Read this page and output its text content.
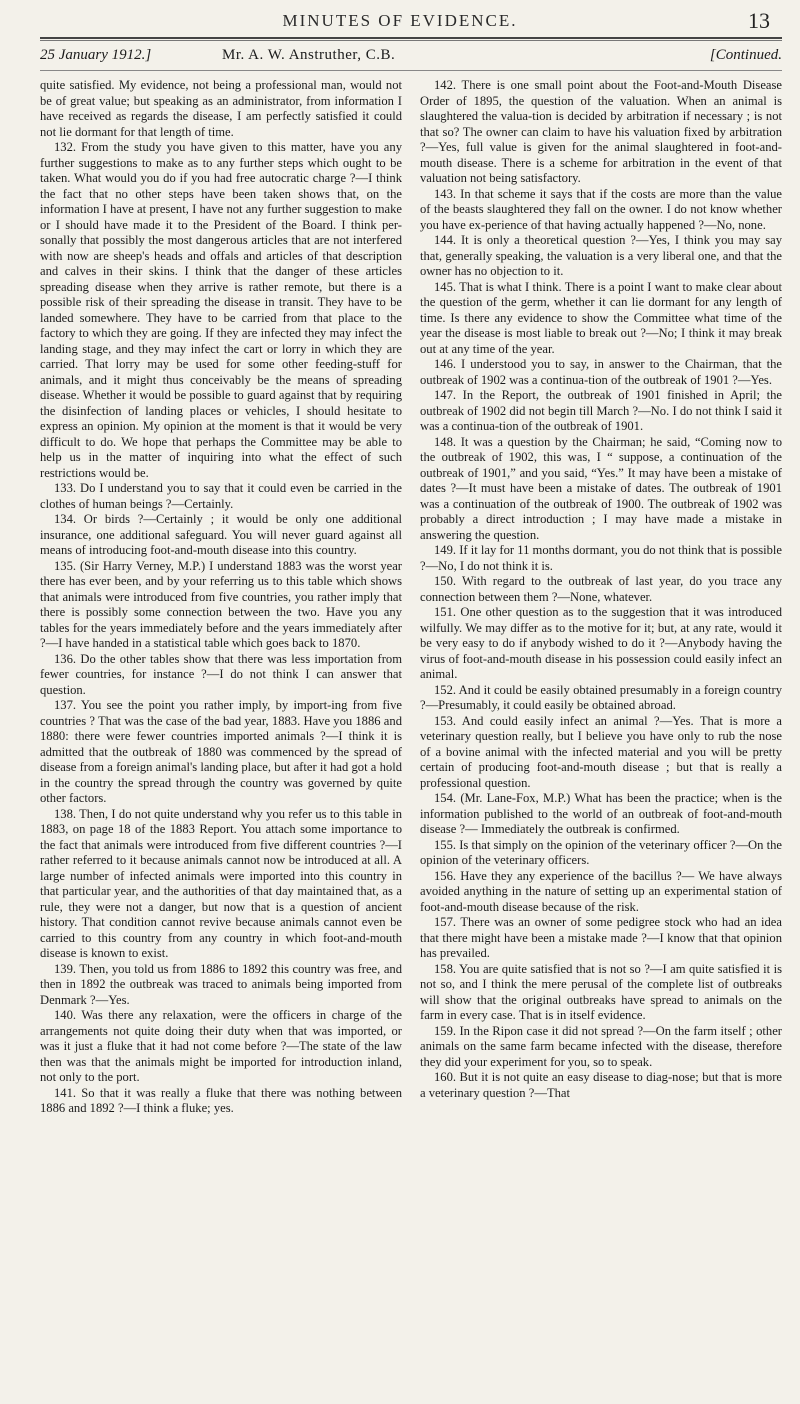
MINUTES OF EVIDENCE.	13
25 January 1912.]	Mr. A. W. Anstruther, C.B.	[Continued.

quite satisfied. My evidence, not being a professional man, would not be of great value; but speaking as an administrator, from information I have received as regards the disease, I am perfectly satisfied it could not lie dormant for that length of time.

132. From the study you have given to this matter, have you any further suggestions to make as to any further steps which ought to be taken. What would you do if you had free autocratic charge ?—I think the fact that no other steps have been taken shows that, on the information I have at present, I have not any further suggestion to make or I should have made it to the President of the Board. I think per-sonally that possibly the most dangerous articles that are not interfered with now are sheep's heads and offals and articles of that description and calves in their skins. I think that the danger of these articles spreading disease when they arrive is rather remote, but there is a possible risk of their spreading the disease in transit. They have to be landed somewhere. They have to be carried from that place to the factory to which they are going. If they are infected they may infect the landing stage, and they may infect the cart or lorry in which they are carried. That lorry may be used for some other feeding-stuff for animals, and it might thus conceivably be the means of spreading disease. Whether it would be possible to guard against that by requiring the disinfection of landing places or vehicles, I should hesitate to express an opinion. My opinion at the moment is that it would be very difficult to do. We hope that perhaps the Committee may be able to help us in the matter of inquiring into what the effect of such restrictions would be.

133. Do I understand you to say that it could even be carried in the clothes of human beings ?—Certainly.

134. Or birds ?—Certainly ; it would be only one additional insurance, one additional safeguard. You will never guard against all means of introducing foot-and-mouth disease into this country.

135. (Sir Harry Verney, M.P.) I understand 1883 was the worst year there has ever been, and by your referring us to this table which shows that animals were introduced from five countries, you rather imply that there is possibly some connection between the two. Have you any tables for the years immediately before and the years immediately after ?—I have handed in a statistical table which goes back to 1870.

136. Do the other tables show that there was less importation from fewer countries, for instance ?—I do not think I can answer that question.

137. You see the point you rather imply, by import-ing from five countries ? That was the case of the bad year, 1883. Have you 1886 and 1880: there were fewer countries imported animals ?—I think it is admitted that the outbreak of 1880 was commenced by the spread of disease from a foreign animal's landing place, but after it had got a hold in the country the spread through the country was governed by quite other factors.

138. Then, I do not quite understand why you refer us to this table in 1883, on page 18 of the 1883 Report. You attach some importance to the fact that animals were introduced from five different countries ?—I rather referred to it because animals cannot now be introduced at all. A large number of infected animals were imported into this country in that particular year, and the authorities of that day maintained that, as a rule, they were not a danger, but now that is a question of ancient history. That condition cannot revive because animals cannot even be carried to this country from any country in which foot-and-mouth disease is known to exist.

139. Then, you told us from 1886 to 1892 this country was free, and then in 1892 the outbreak was traced to animals being imported from Denmark ?—Yes.

140. Was there any relaxation, were the officers in charge of the arrangements not quite doing their duty when that was imported, or was it just a fluke that it had not come before ?—The state of the law then was that the animals might be imported for introduction inland, not only to the port.

141. So that it was really a fluke that there was nothing between 1886 and 1892 ?—I think a fluke; yes.

142. There is one small point about the Foot-and-Mouth Disease Order of 1895, the question of the valuation. When an animal is slaughtered the valua-tion is decided by arbitration if necessary ; is not that so? The owner can claim to have his valuation fixed by arbitration ?—Yes, full value is given for the animal slaughtered in foot-and-mouth disease. There is a scheme for arbitration in the event of that valuation not being satisfactory.

143. In that scheme it says that if the costs are more than the value of the beasts slaughtered they fall on the owner. I do not know whether you have ex-perience of that having actually happened ?—No, none.

144. It is only a theoretical question ?—Yes, I think you may say that, generally speaking, the valuation is a very liberal one, and that the owner has no objection to it.

145. That is what I think. There is a point I want to make clear about the question of the germ, whether it can lie dormant for any length of time. Is there any evidence to show the Committee what time of the year the disease is most liable to break out ?—No; I think it may break out at any time of the year.

146. I understood you to say, in answer to the Chairman, that the outbreak of 1902 was a continua-tion of the outbreak of 1901 ?—Yes.

147. In the Report, the outbreak of 1901 finished in April; the outbreak of 1902 did not begin till March ?—No. I do not think I said it was a continua-tion of the outbreak of 1901.

148. It was a question by the Chairman; he said, “Coming now to the outbreak of 1902, this was, I “ suppose, a continuation of the outbreak of 1901,” and you said, “Yes.” It may have been a mistake of dates ?—It must have been a mistake of dates. The outbreak of 1901 was a continuation of the outbreak of 1900. The outbreak of 1902 was probably a direct introduction ; I may have made a mistake in answering the question.

149. If it lay for 11 months dormant, you do not think that is possible ?—No, I do not think it is.

150. With regard to the outbreak of last year, do you trace any connection between them ?—None, whatever.

151. One other question as to the suggestion that it was introduced wilfully. We may differ as to the motive for it; but, at any rate, would it be very easy to do if anybody wished to do it ?—Anybody having the virus of foot-and-mouth disease in his possession could easily infect an animal.

152. And it could be easily obtained presumably in a foreign country ?—Presumably, it could easily be obtained abroad.

153. And could easily infect an animal ?—Yes. That is more a veterinary question really, but I believe you have only to rub the nose of a bovine animal with the infected material and you will be pretty certain of producing foot-and-mouth disease ; but that is really a professional question.

154. (Mr. Lane-Fox, M.P.) What has been the practice; when is the information published to the world of an outbreak of foot-and-mouth disease ?— Immediately the outbreak is confirmed.

155. Is that simply on the opinion of the veterinary officer ?—On the opinion of the veterinary officers.

156. Have they any experience of the bacillus ?— We have always avoided anything in the nature of setting up an experimental station of foot-and-mouth disease because of the risk.

157. There was an owner of some pedigree stock who had an idea that there might have been a mistake made ?—I know that that opinion has prevailed.

158. You are quite satisfied that is not so ?—I am quite satisfied it is not so, and I think the mere perusal of the complete list of outbreaks will show that the original outbreaks have spread to animals on the farm in every case. That is in itself evidence.

159. In the Ripon case it did not spread ?—On the farm itself ; other animals on the same farm became infected with the disease, therefore they did your experiment for you, so to speak.

160. But it is not quite an easy disease to diag-nose; but that is more a veterinary question ?—That
